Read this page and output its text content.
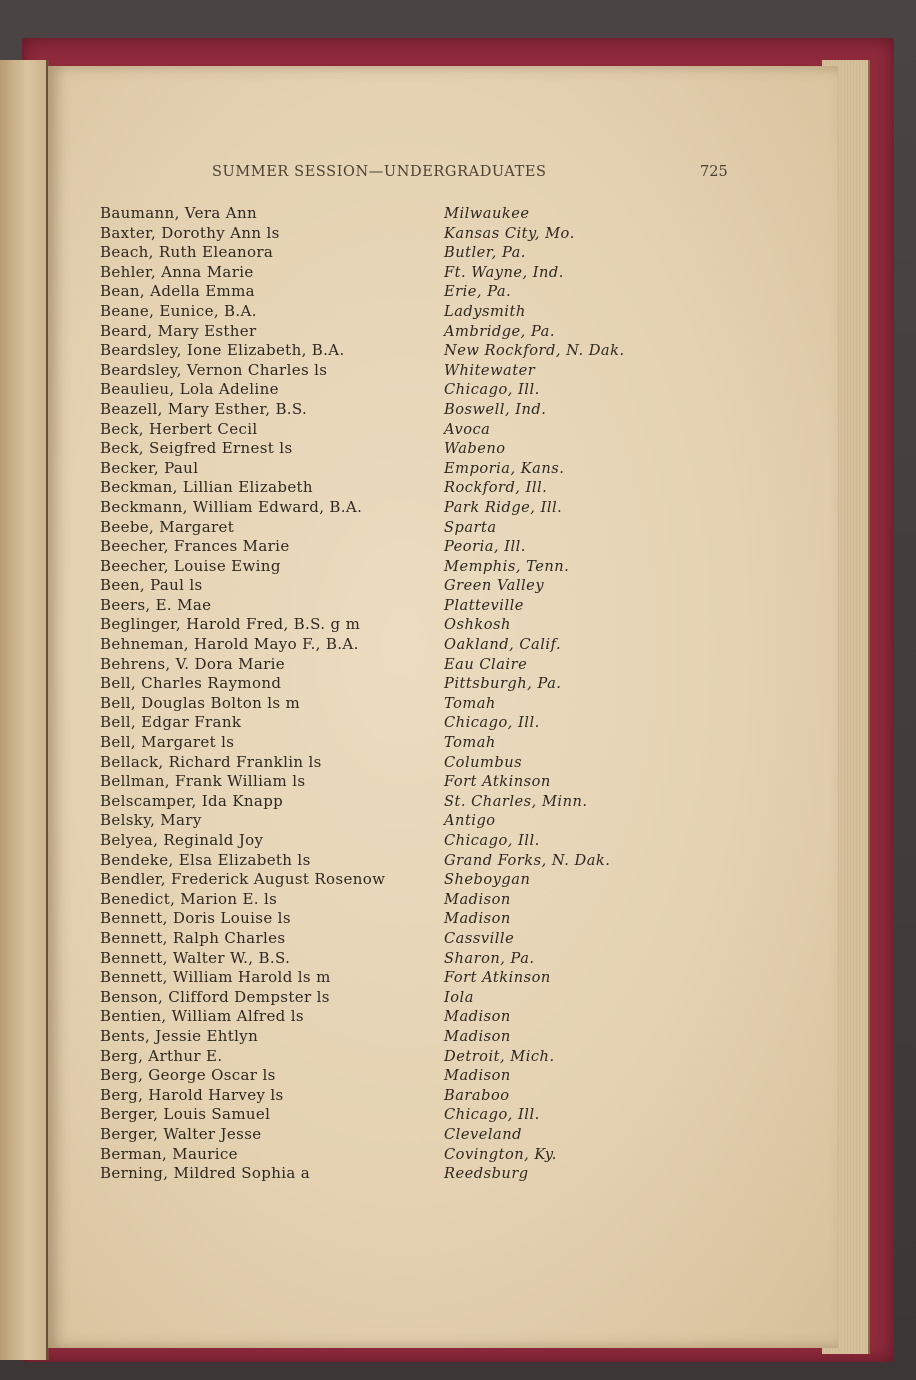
SUMMER SESSION—UNDERGRADUATES	725
Baumann, Vera Ann	Milwaukee
Baxter, Dorothy Ann ls	Kansas City, Mo.
Beach, Ruth Eleanora	Butler, Pa.
Behler, Anna Marie	Ft. Wayne, Ind.
Bean, Adella Emma	Erie, Pa.
Beane, Eunice, B.A.	Ladysmith
Beard, Mary Esther	Ambridge, Pa.
Beardsley, Ione Elizabeth, B.A.	New Rockford, N. Dak.
Beardsley, Vernon Charles ls	Whitewater
Beaulieu, Lola Adeline	Chicago, Ill.
Beazell, Mary Esther, B.S.	Boswell, Ind.
Beck, Herbert Cecil	Avoca
Beck, Seigfred Ernest ls	Wabeno
Becker, Paul	Emporia, Kans.
Beckman, Lillian Elizabeth	Rockford, Ill.
Beckmann, William Edward, B.A.	Park Ridge, Ill.
Beebe, Margaret	Sparta
Beecher, Frances Marie	Peoria, Ill.
Beecher, Louise Ewing	Memphis, Tenn.
Been, Paul ls	Green Valley
Beers, E. Mae	Platteville
Beglinger, Harold Fred, B.S. g m	Oshkosh
Behneman, Harold Mayo F., B.A.	Oakland, Calif.
Behrens, V. Dora Marie	Eau Claire
Bell, Charles Raymond	Pittsburgh, Pa.
Bell, Douglas Bolton ls m	Tomah
Bell, Edgar Frank	Chicago, Ill.
Bell, Margaret ls	Tomah
Bellack, Richard Franklin ls	Columbus
Bellman, Frank William ls	Fort Atkinson
Belscamper, Ida Knapp	St. Charles, Minn.
Belsky, Mary	Antigo
Belyea, Reginald Joy	Chicago, Ill.
Bendeke, Elsa Elizabeth ls	Grand Forks, N. Dak.
Bendler, Frederick August Rosenow	Sheboygan
Benedict, Marion E. ls	Madison
Bennett, Doris Louise ls	Madison
Bennett, Ralph Charles	Cassville
Bennett, Walter W., B.S.	Sharon, Pa.
Bennett, William Harold ls m	Fort Atkinson
Benson, Clifford Dempster ls	Iola
Bentien, William Alfred ls	Madison
Bents, Jessie Ehtlyn	Madison
Berg, Arthur E.	Detroit, Mich.
Berg, George Oscar ls	Madison
Berg, Harold Harvey ls	Baraboo
Berger, Louis Samuel	Chicago, Ill.
Berger, Walter Jesse	Cleveland
Berman, Maurice	Covington, Ky.
Berning, Mildred Sophia a	Reedsburg
